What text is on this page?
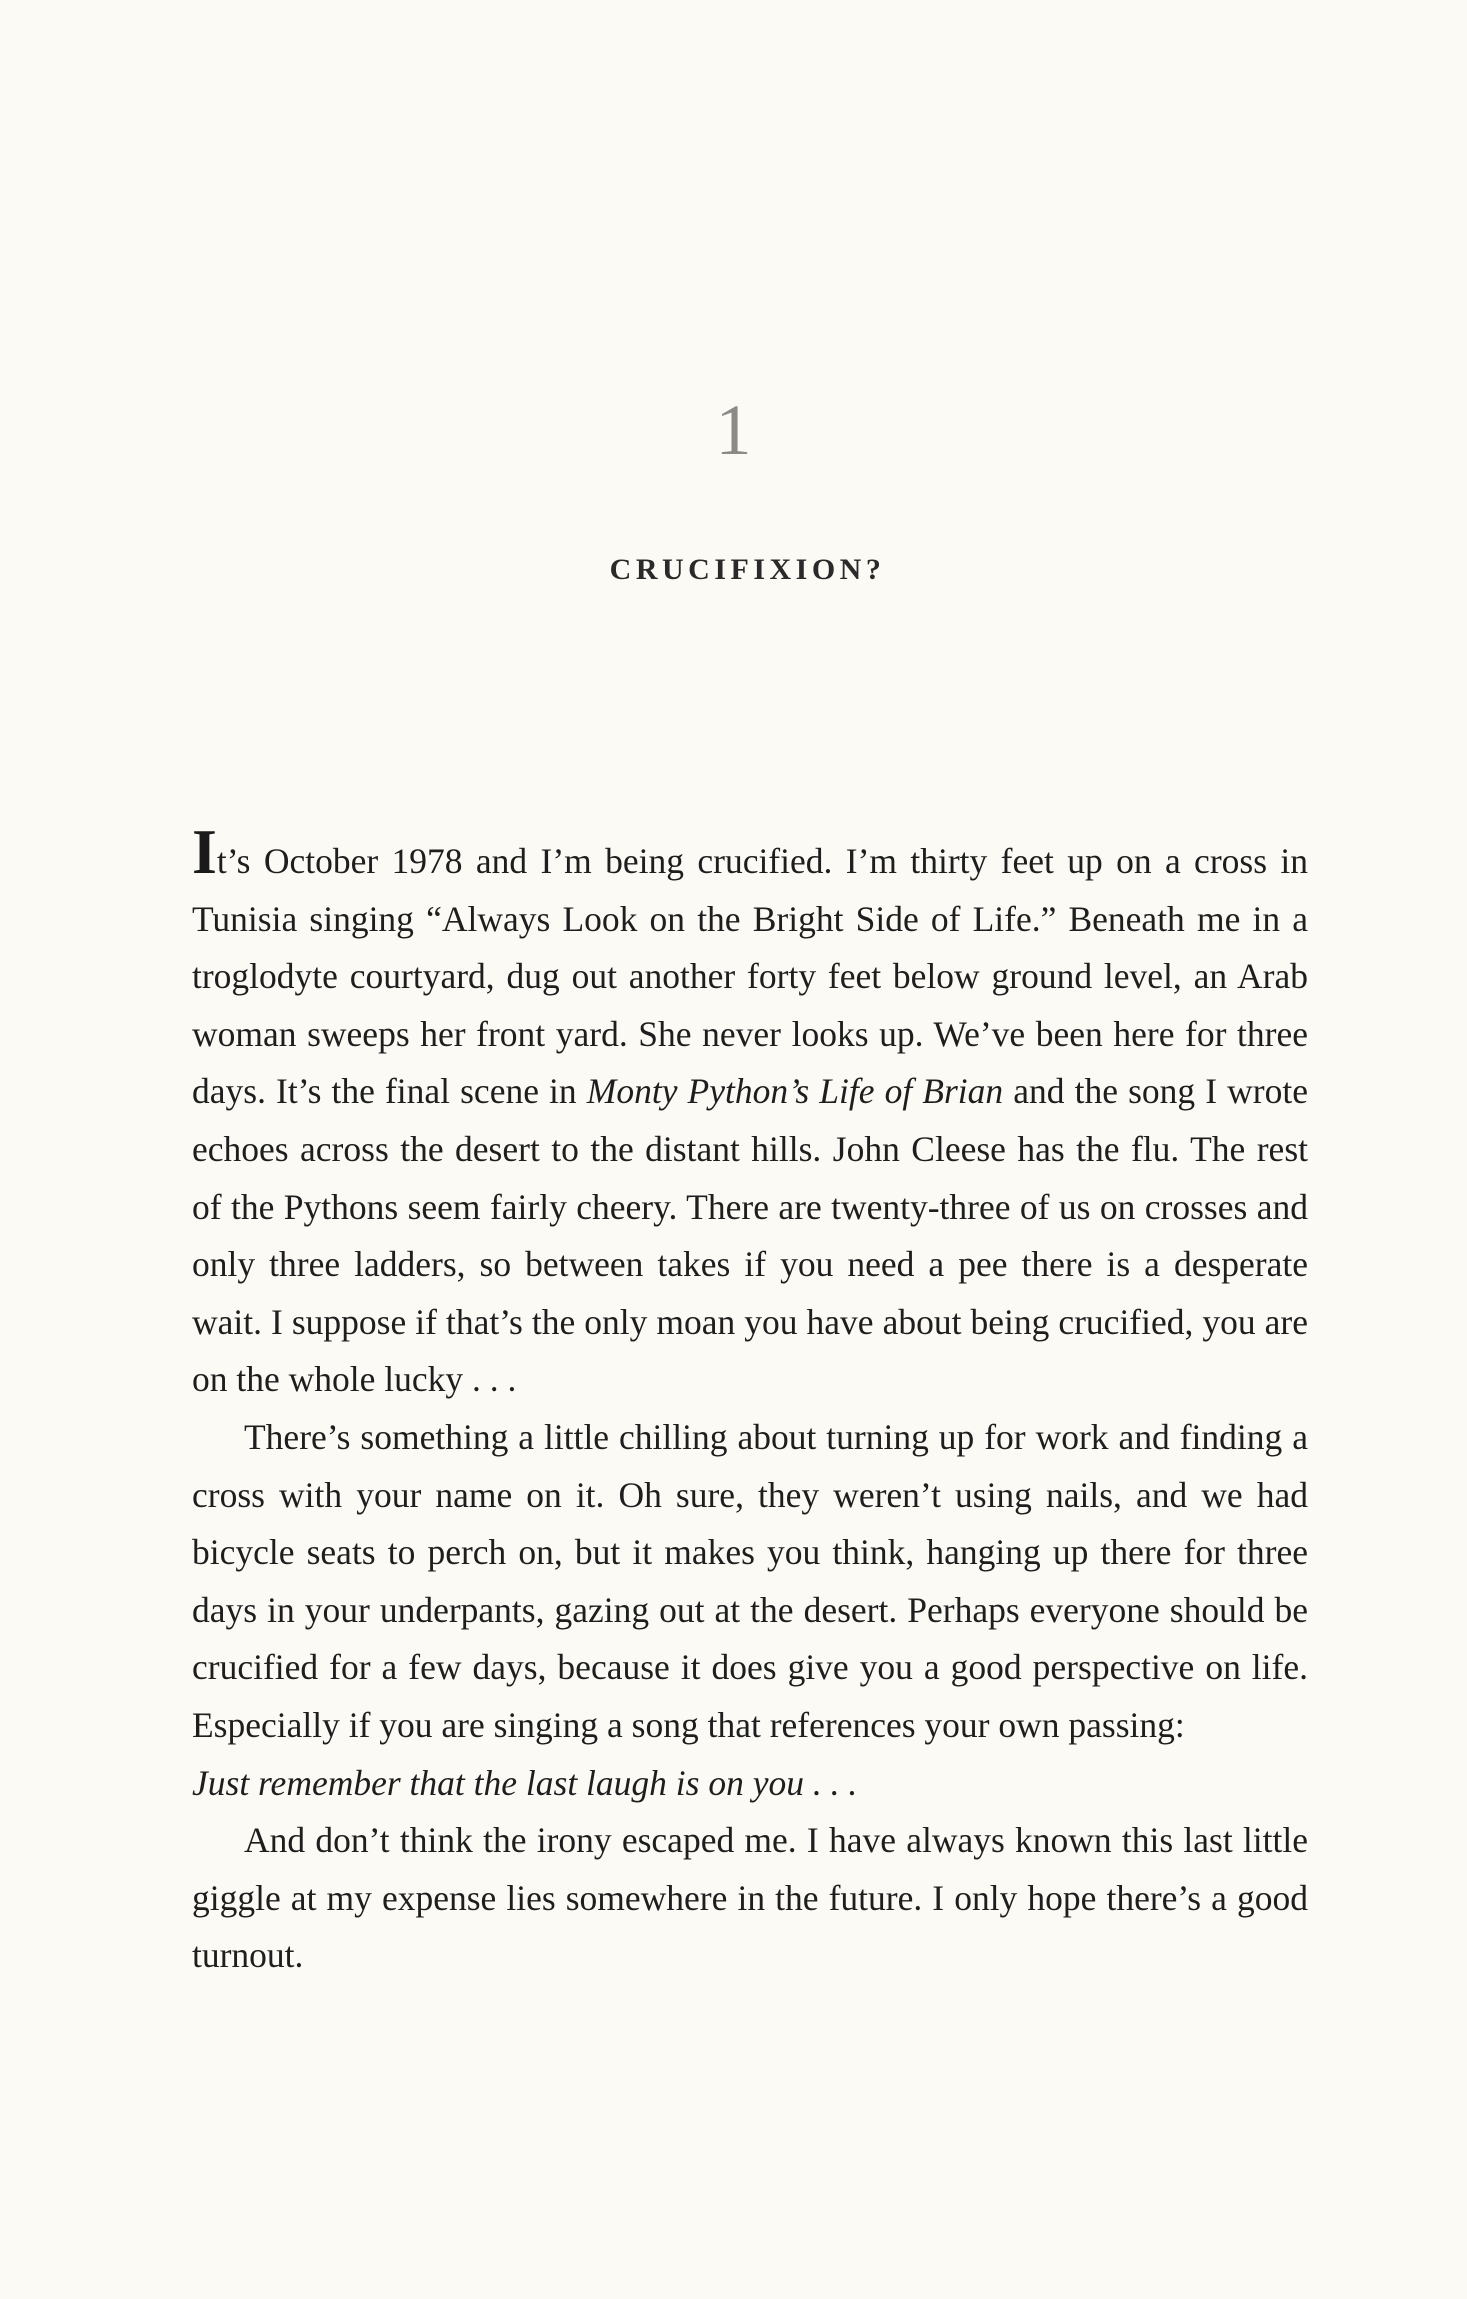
1
CRUCIFIXION?

It’s October 1978 and I’m being crucified. I’m thirty feet up on a cross in Tunisia singing “Always Look on the Bright Side of Life.” Beneath me in a troglodyte courtyard, dug out another forty feet below ground level, an Arab woman sweeps her front yard. She never looks up. We’ve been here for three days. It’s the final scene in Monty Python’s Life of Brian and the song I wrote echoes across the desert to the distant hills. John Cleese has the flu. The rest of the Pythons seem fairly cheery. There are twenty-three of us on crosses and only three ladders, so between takes if you need a pee there is a desperate wait. I suppose if that’s the only moan you have about being crucified, you are on the whole lucky . . .

There’s something a little chilling about turning up for work and finding a cross with your name on it. Oh sure, they weren’t using nails, and we had bicycle seats to perch on, but it makes you think, hanging up there for three days in your underpants, gazing out at the desert. Perhaps everyone should be crucified for a few days, because it does give you a good perspective on life. Especially if you are singing a song that references your own passing:

Just remember that the last laugh is on you . . .

And don’t think the irony escaped me. I have always known this last little giggle at my expense lies somewhere in the future. I only hope there’s a good turnout.
